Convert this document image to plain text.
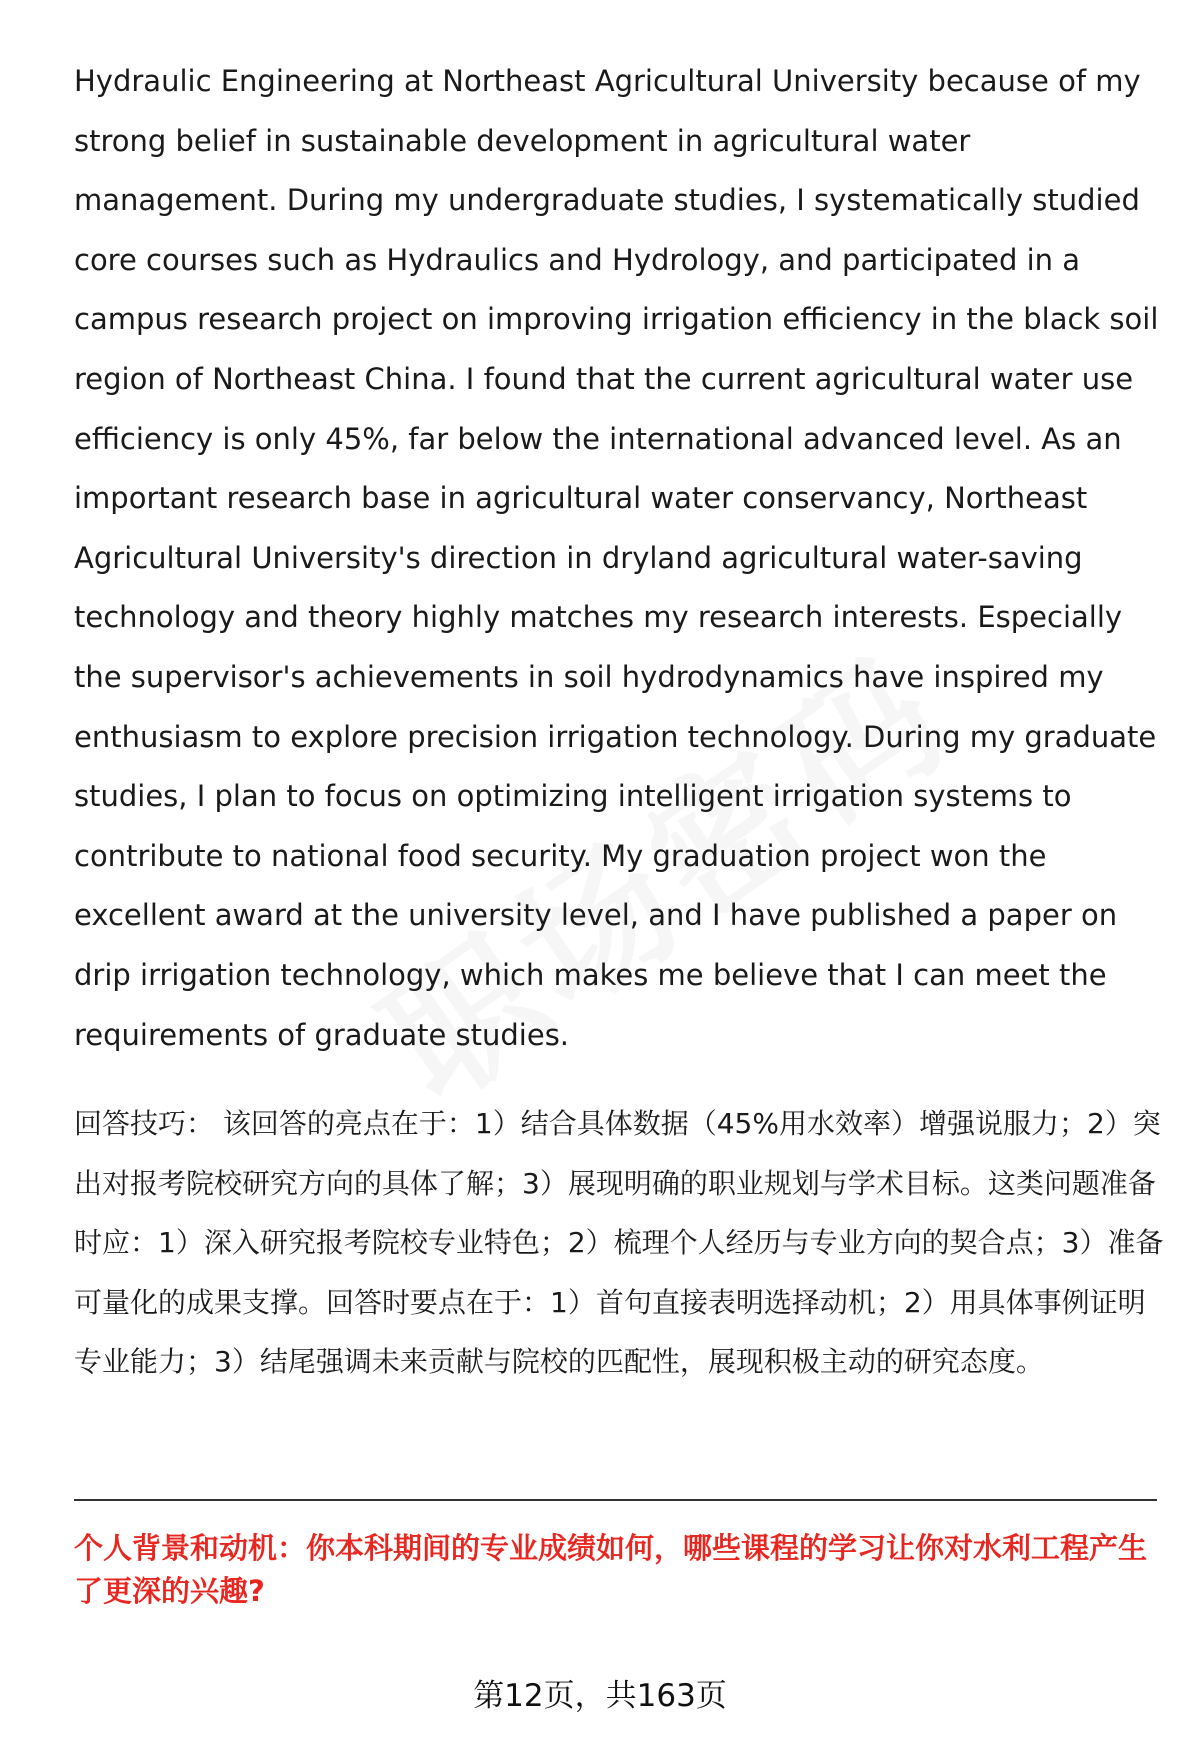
Hydraulic Engineering at Northeast Agricultural University because of my strong belief in sustainable development in agricultural water management. During my undergraduate studies, I systematically studied core courses such as Hydraulics and Hydrology, and participated in a campus research project on improving irrigation efficiency in the black soil region of Northeast China. I found that the current agricultural water use efficiency is only 45%, far below the international advanced level. As an important research base in agricultural water conservancy, Northeast Agricultural University's direction in dryland agricultural water-saving technology and theory highly matches my research interests. Especially the supervisor's achievements in soil hydrodynamics have inspired my enthusiasm to explore precision irrigation technology. During my graduate studies, I plan to focus on optimizing intelligent irrigation systems to contribute to national food security. My graduation project won the excellent award at the university level, and I have published a paper on drip irrigation technology, which makes me believe that I can meet the requirements of graduate studies.

回答技巧： 该回答的亮点在于：1）结合具体数据（45%用水效率）增强说服力；2）突出对报考院校研究方向的具体了解；3）展现明确的职业规划与学术目标。这类问题准备时应：1）深入研究报考院校专业特色；2）梳理个人经历与专业方向的契合点；3）准备可量化的成果支撑。回答时要点在于：1）首句直接表明选择动机；2）用具体事例证明专业能力；3）结尾强调未来贡献与院校的匹配性，展现积极主动的研究态度。

个人背景和动机：你本科期间的专业成绩如何，哪些课程的学习让你对水利工程产生了更深的兴趣?

第12页，共163页
